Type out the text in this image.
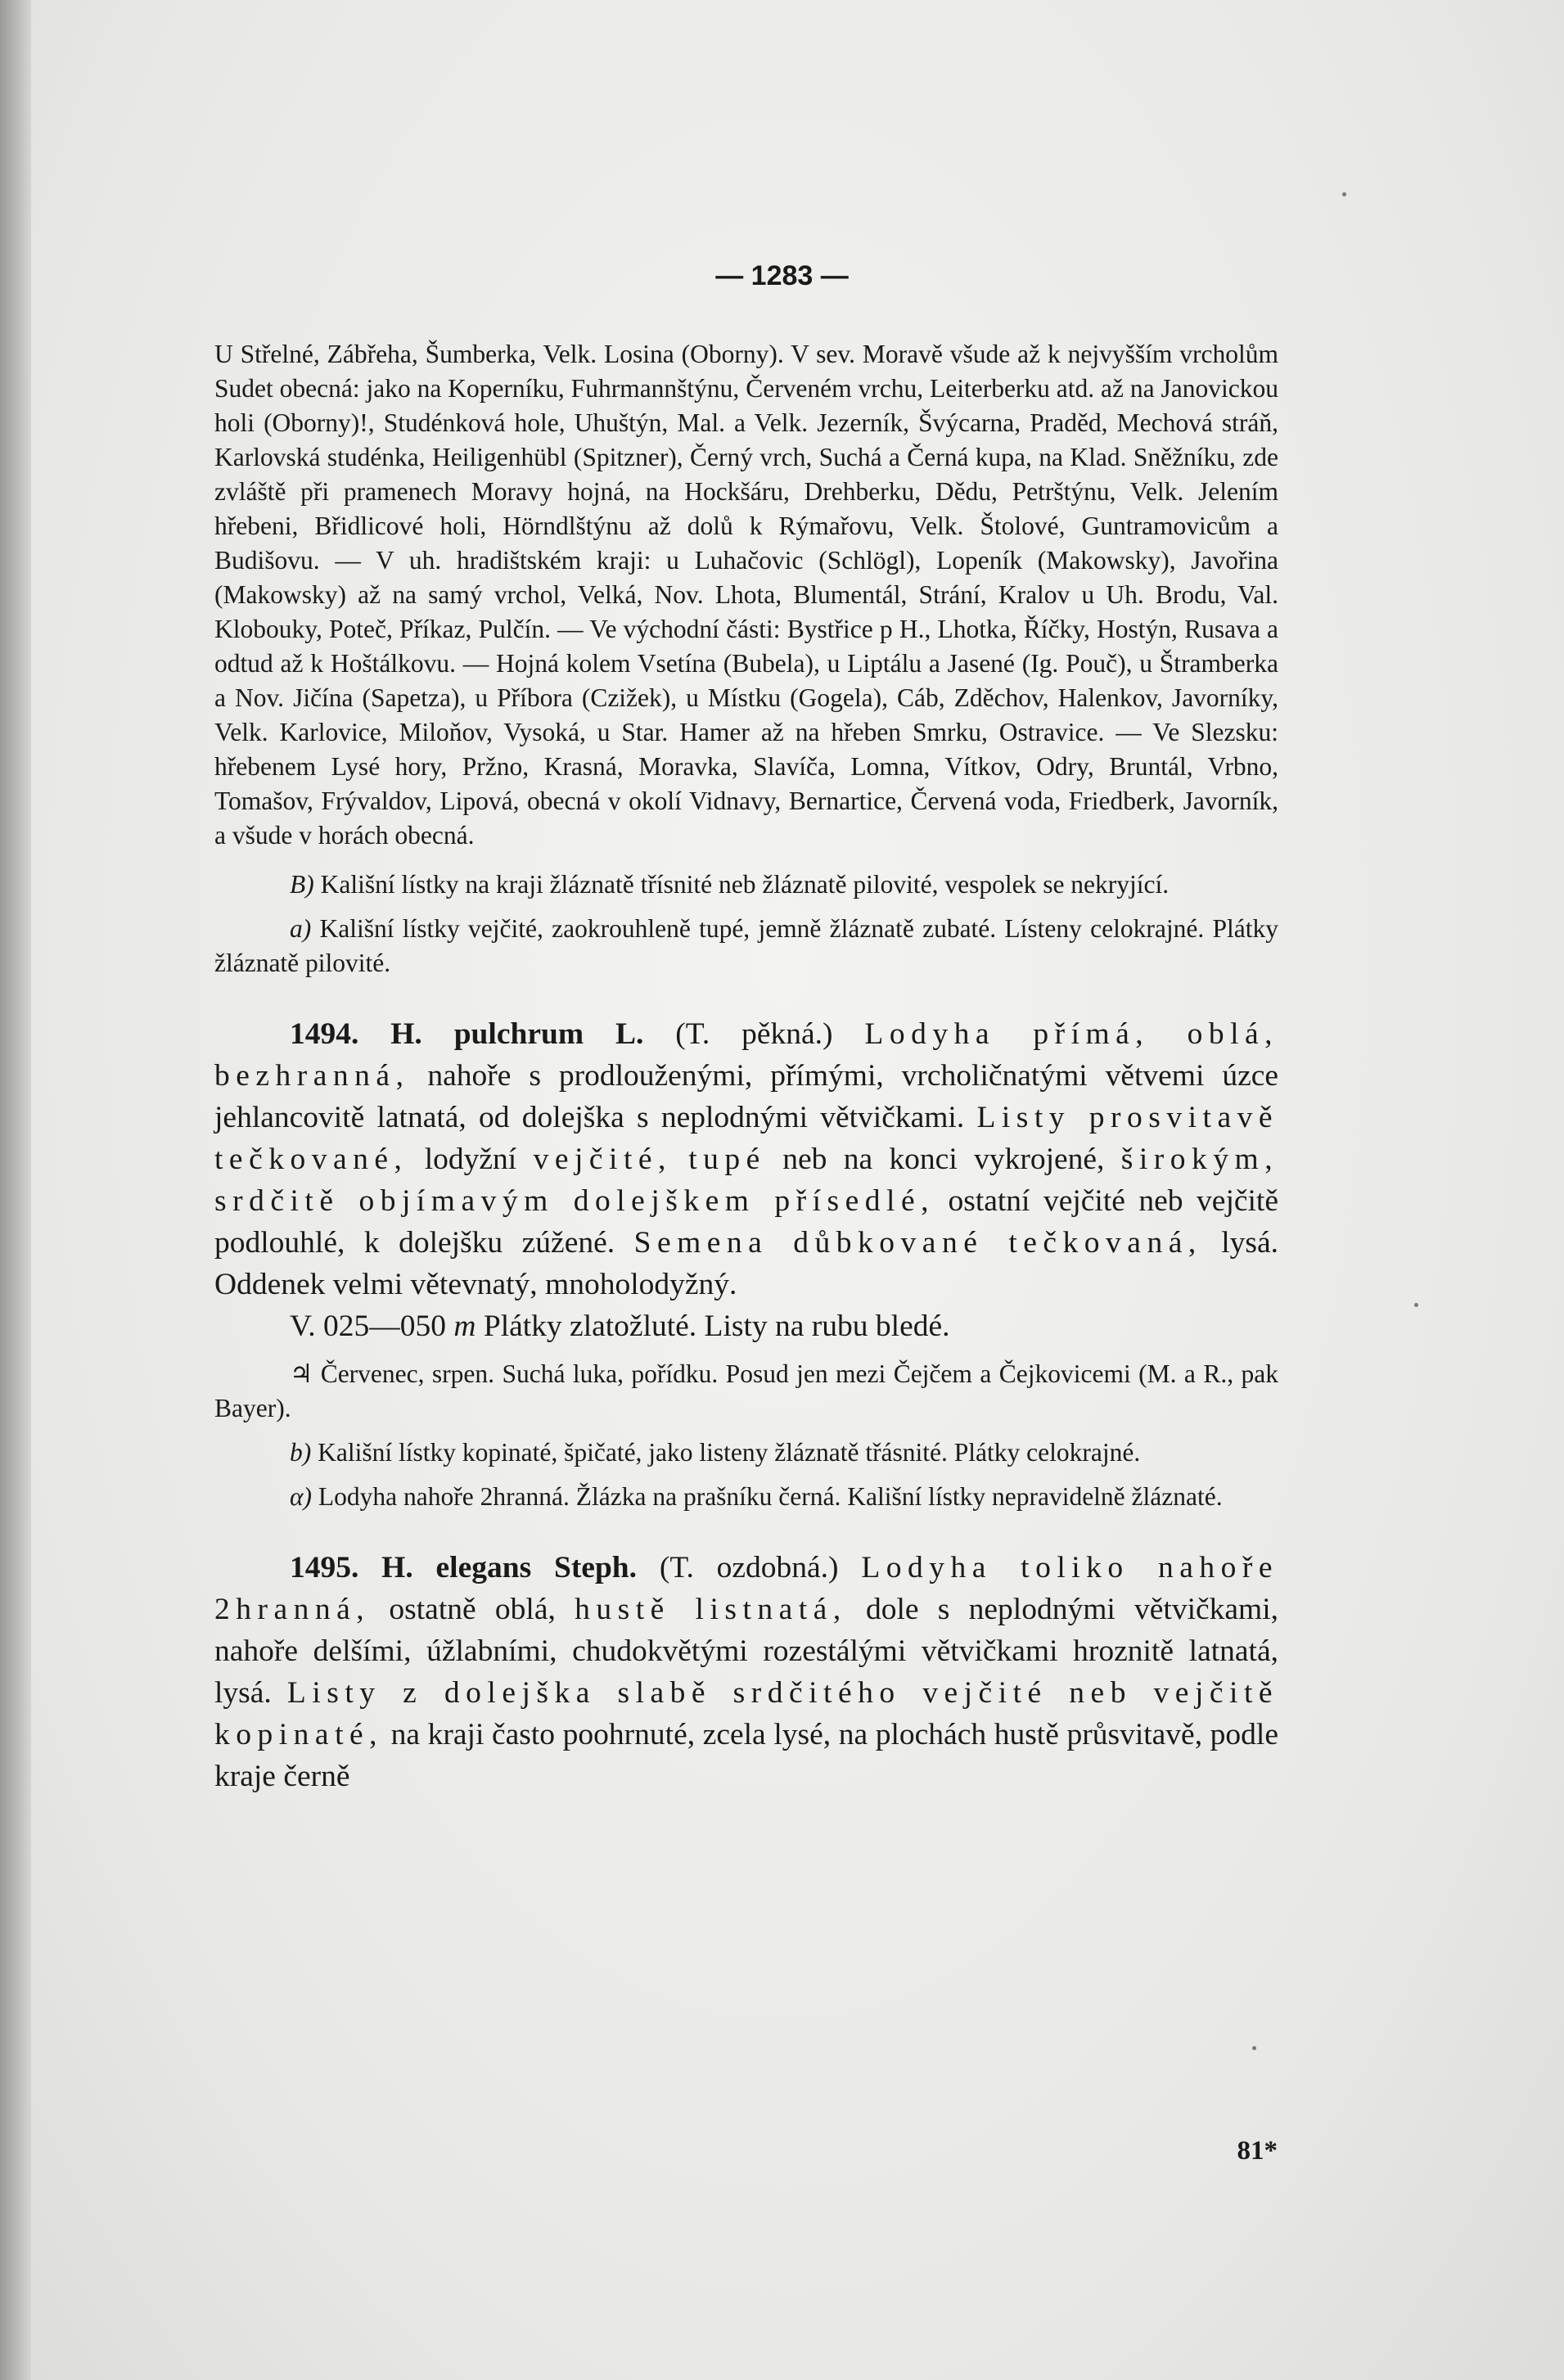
— 1283 —

U Střelné, Zábřeha, Šumberka, Velk. Losina (Oborny). V sev. Moravě všude až k nejvyšším vrcholům Sudet obecná: jako na Koperníku, Fuhrmannštýnu, Červeném vrchu, Leiterberku atd. až na Janovickou holi (Oborny)!, Studénková hole, Uhuštýn, Mal. a Velk. Jezerník, Švýcarna, Praděd, Mechová stráň, Karlovská studénka, Heiligenhübl (Spitzner), Černý vrch, Suchá a Černá kupa, na Klad. Sněžníku, zde zvláště při pramenech Moravy hojná, na Hockšáru, Drehberku, Dědu, Petrštýnu, Velk. Jelením hřebeni, Břidlicové holi, Hörndlštýnu až dolů k Rýmařovu, Velk. Štolové, Guntramovicům a Budišovu. — V uh. hradištském kraji: u Luhačovic (Schlögl), Lopeník (Makowsky), Javořina (Makowsky) až na samý vrchol, Velká, Nov. Lhota, Blumentál, Strání, Kralov u Uh. Brodu, Val. Klobouky, Poteč, Příkaz, Pulčín. — Ve východní části: Bystřice p H., Lhotka, Říčky, Hostýn, Rusava a odtud až k Hoštálkovu. — Hojná kolem Vsetína (Bubela), u Liptálu a Jasené (Ig. Pouč), u Štramberka a Nov. Jičína (Sapetza), u Příbora (Czižek), u Místku (Gogela), Cáb, Zděchov, Halenkov, Javorníky, Velk. Karlovice, Miloňov, Vysoká, u Star. Hamer až na hřeben Smrku, Ostravice. — Ve Slezsku: hřebenem Lysé hory, Pržno, Krasná, Moravka, Slavíča, Lomna, Vítkov, Odry, Bruntál, Vrbno, Tomašov, Frývaldov, Lipová, obecná v okolí Vidnavy, Bernartice, Červená voda, Friedberk, Javorník, a všude v horách obecná.

B) Kališní lístky na kraji žláznatě třísnité neb žláznatě pilovité, vespolek se nekryjící.

a) Kališní lístky vejčité, zaokrouhleně tupé, jemně žláznatě zubaté. Lísteny celokrajné. Plátky žláznatě pilovité.

1494. H. pulchrum L. (T. pěkná.) Lodyha přímá, oblá, bezhranná, nahoře s prodlouženými, přímými, vrcholičnatými větvemi úzce jehlancovitě latnatá, od dolejška s neplodnými větvičkami. Listy prosvitavě tečkované, lodyžní vejčité, tupé neb na konci vykrojené, širokým, srdčitě objímavým dolejškem přísedlé, ostatní vejčité neb vejčitě podlouhlé, k dolejšku zúžené. Semena důbkované tečkovaná, lysá. Oddenek velmi větevnatý, mnoholodyžný.

V. 025—050 m Plátky zlatožluté. Listy na rubu bledé.

♃ Červenec, srpen. Suchá luka, pořídku. Posud jen mezi Čejčem a Čejkovicemi (M. a R., pak Bayer).

b) Kališní lístky kopinaté, špičaté, jako listeny žláznatě třásnité. Plátky celokrajné.

α) Lodyha nahoře 2hranná. Žlázka na prašníku černá. Kališní lístky nepravidelně žláznaté.

1495. H. elegans Steph. (T. ozdobná.) Lodyha toliko nahoře 2hranná, ostatně oblá, hustě listnatá, dole s neplodnými větvičkami, nahoře delšími, úžlabními, chudokvětými rozestálými větvičkami hroznitě latnatá, lysá. Listy z dolejška slabě srdčitého vejčité neb vejčitě kopinaté, na kraji často poohrnuté, zcela lysé, na plochách hustě průsvitavě, podle kraje černě

81*
